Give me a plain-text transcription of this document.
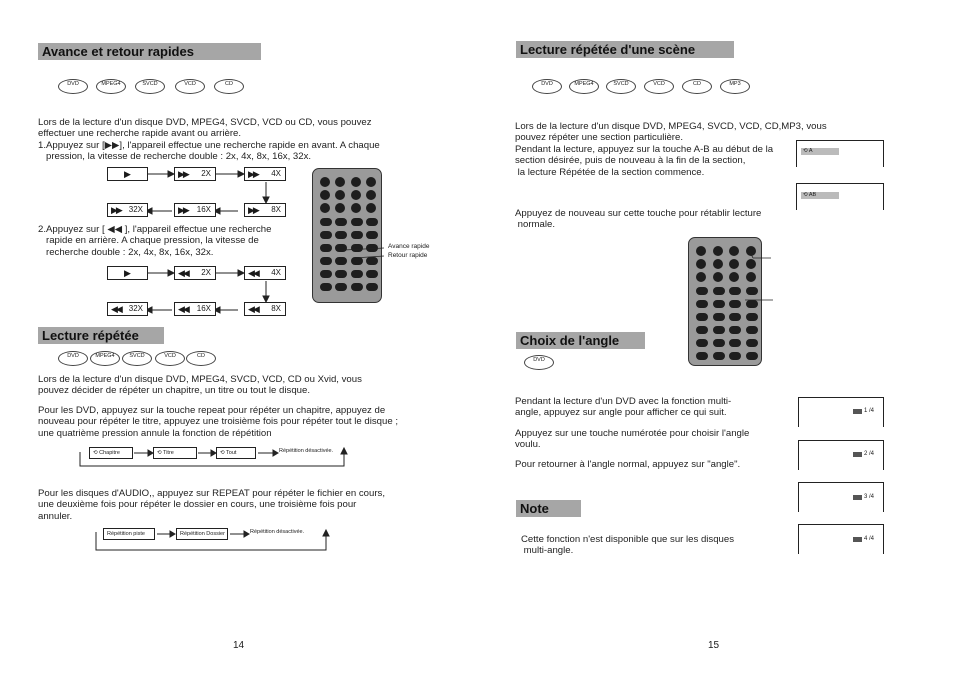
Avance et retour rapides
DVD	MPEG4	SVCD	VCD	CD
Lors de la lecture d'un disque DVD, MPEG4, SVCD, VCD ou CD, vous pouvez
effectuer une recherche rapide avant ou arrière.
1.Appuyez sur [▶▶], l'appareil effectue une recherche rapide en avant. A chaque
pression, la vitesse de recherche double : 2x, 4x, 8x, 16x, 32x.
▶	▶▶ 2X	▶▶ 4X
▶▶ 8X
▶▶ 16X
▶▶ 32X
2.Appuyez sur [ ◀◀ ], l'appareil effectue une recherche
rapide en arrière. A chaque pression, la vitesse de
recherche double : 2x, 4x, 8x, 16x, 32x.
▶	◀◀ 2X	◀◀ 4X
◀◀ 8X
◀◀ 16X
◀◀ 32X
Avance rapide
Retour rapide
Lecture répétée
DVD	MPEG4	SVCD	VCD	CD
Lors de la lecture d'un disque DVD, MPEG4, SVCD, VCD, CD ou Xvid, vous
pouvez décider de répéter un chapitre, un titre ou tout le disque.
Pour les DVD, appuyez sur la touche repeat pour répéter un chapitre, appuyez de
nouveau pour répéter le titre, appuyez une troisième fois pour répéter tout le disque ;
une quatrième pression annule la fonction de répétition
⟲ Chapitre	⟲ Titre	⟲ Tout	Répétition désactivée.
Pour les disques d'AUDIO,, appuyez sur REPEAT pour répéter le fichier en cours,
une deuxième fois pour répéter le dossier en cours, une troisième fois pour
annuler.
Répétition piste	Répétition Dossier	Répétition désactivée.
14
Lecture répétée d'une scène
DVD	MPEG4	SVCD	VCD	CD	MP3
Lors de la lecture d'un disque DVD, MPEG4, SVCD, VCD, CD,MP3, vous
pouvez répéter une section particulière.
Pendant la lecture, appuyez sur la touche A-B au début de la
section désirée, puis de nouveau à la fin de la section,
la lecture Répétée de la section commence.
⟲ A
⟲ AB
Appuyez de nouveau sur cette touche pour rétablir lecture
normale.
Choix de l'angle
DVD
Pendant la lecture d'un DVD avec la fonction multi-
angle, appuyez sur angle pour afficher ce qui suit.
Appuyez sur une touche numérotée pour choisir l'angle
voulu.
Pour retourner à l'angle normal, appuyez sur "angle".
1 /4
2 /4
3 /4
4 /4
Note
Cette fonction n'est disponible que sur les disques
multi-angle.
15
